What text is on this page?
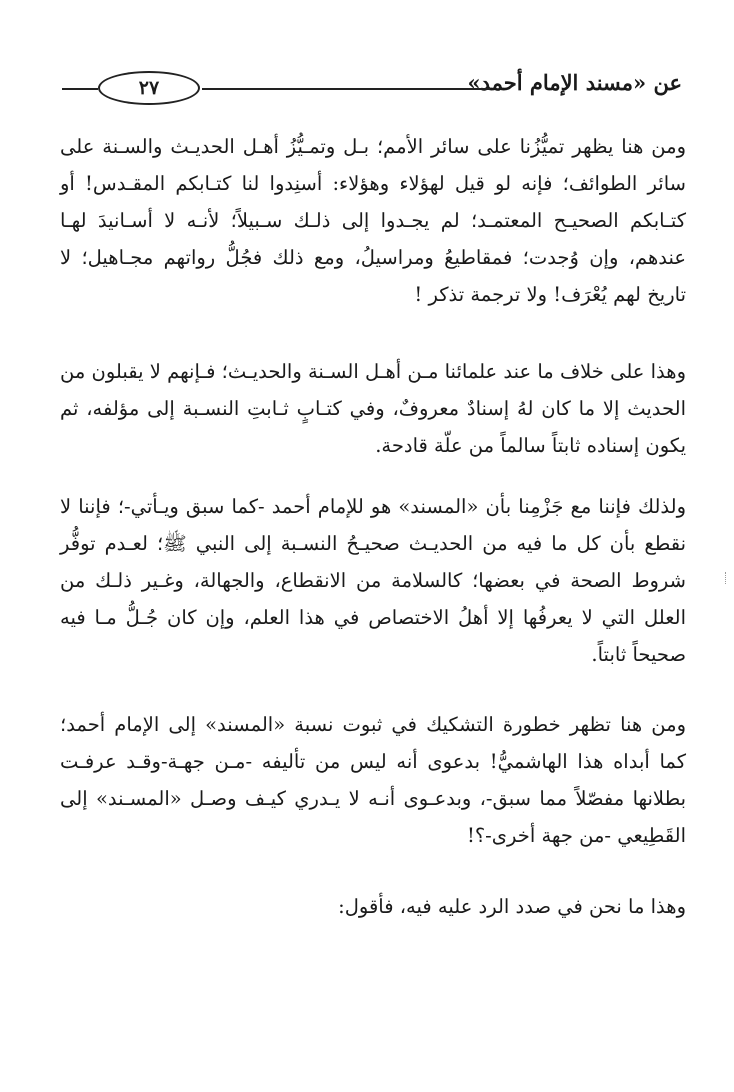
عن «مسند الإمام أحمد»
٢٧

ومن هنا يظهر تميُّزُنا على سائر الأمم؛ بـل وتمـيُّزُ أهـل الحديـث والسـنة على سائر الطوائف؛ فإنه لو قيل لهؤلاء وهؤلاء: أسنِدوا لنا كتـابكم المقـدس! أو كتـابكم الصحيـح المعتمـد؛ لم يجـدوا إلى ذلـك سـبيلاً؛ لأنـه لا أسـانيدَ لهـا عندهم، وإن وُجدت؛ فمقاطيعُ ومراسيلُ، ومع ذلك فجُلُّ رواتهم مجـاهيل؛ لا تاريخ لهم يُعْرَف! ولا ترجمة تذكر !

وهذا على خلاف ما عند علمائنا مـن أهـل السـنة والحديـث؛ فـإنهم لا يقبلون من الحديث إلا ما كان لهُ إسنادٌ معروفٌ، وفي كتـابٍ ثـابتِ النسـبة إلى مؤلفه، ثم يكون إسناده ثابتاً سالماً من علّة قادحة.

ولذلك فإننا مع جَزْمِنا بأن «المسند» هو للإمام أحمد -كما سبق ويـأتي-؛ فإننا لا نقطع بأن كل ما فيه من الحديـث صحيـحُ النسـبة إلى النبي ﷺ؛ لعـدم توفُّر شروط الصحة في بعضها؛ كالسلامة من الانقطاع، والجهالة، وغـير ذلـك من العلل التي لا يعرفُها إلا أهلُ الاختصاص في هذا العلم، وإن كان جُـلُّ مـا فيه صحيحاً ثابتاً.

ومن هنا تظهر خطورة التشكيك في ثبوت نسبة «المسند» إلى الإمام أحمد؛ كما أبداه هذا الهاشميُّ! بدعوى أنه ليس من تأليفه -مـن جهـة-وقـد عرفـت بطلانها مفصّلاً مما سبق-، وبدعـوى أنـه لا يـدري كيـف وصـل «المسـند» إلى القَطِيعي -من جهة أخرى-؟!

وهذا ما نحن في صدد الرد عليه فيه، فأقول:
